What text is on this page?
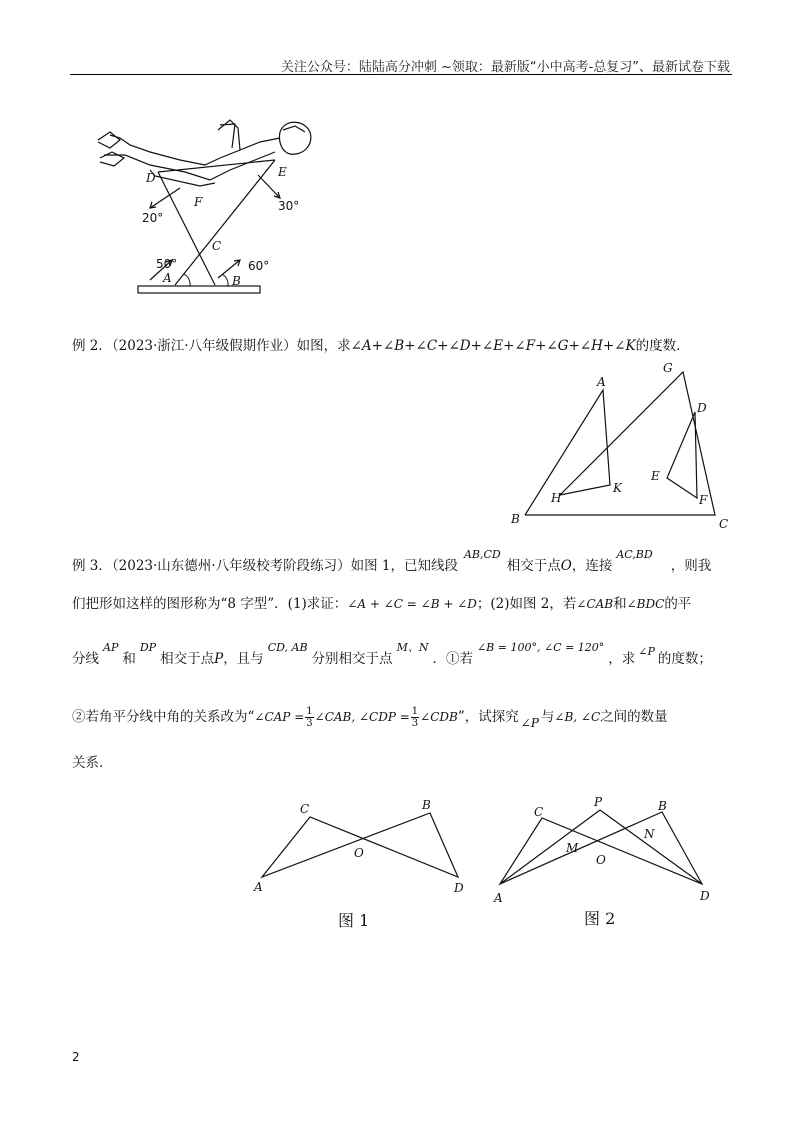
关注公众号：陆陆高分冲刺 ~领取：最新版“小中高考-总复习”、最新试卷下载
D	E
F
C
A	B
20°
30°
50°	60°
例 2．（2023·浙江·八年级假期作业）如图，求∠A+∠B+∠C+∠D+∠E+∠F+∠G+∠H+∠K的度数．
B
A
C
G
D
E
F
H
K
例 3．（2023·山东德州·八年级校考阶段练习）如图 1，已知线段$^{AB,CD}$相交于点O，连接$^{AC,BD}$，则我
们把形如这样的图形称为“8 字型”．(1)求证：∠A + ∠C = ∠B + ∠D；(2)如图 2，若∠CAB和∠BDC的平
分线$^{AP}$和$^{DP}$相交于点P，且与$^{CD, AB}$分别相交于点$^{M、N}$．①若$^{\angle B = 100^\circ, \angle C = 120^\circ}$，求 $^{\angle P}$ 的度数；
②若角平分线中角的关系改为“∠CAP = $\frac{1}{3}$ ∠CAB, ∠CDP = $\frac{1}{3}$ ∠CDB”，试探究 ∠P 与∠B, ∠C之间的数量
关系．
C	B
O
A	D
图 1
C
P	B
M
N
O
A	D
图 2
2
